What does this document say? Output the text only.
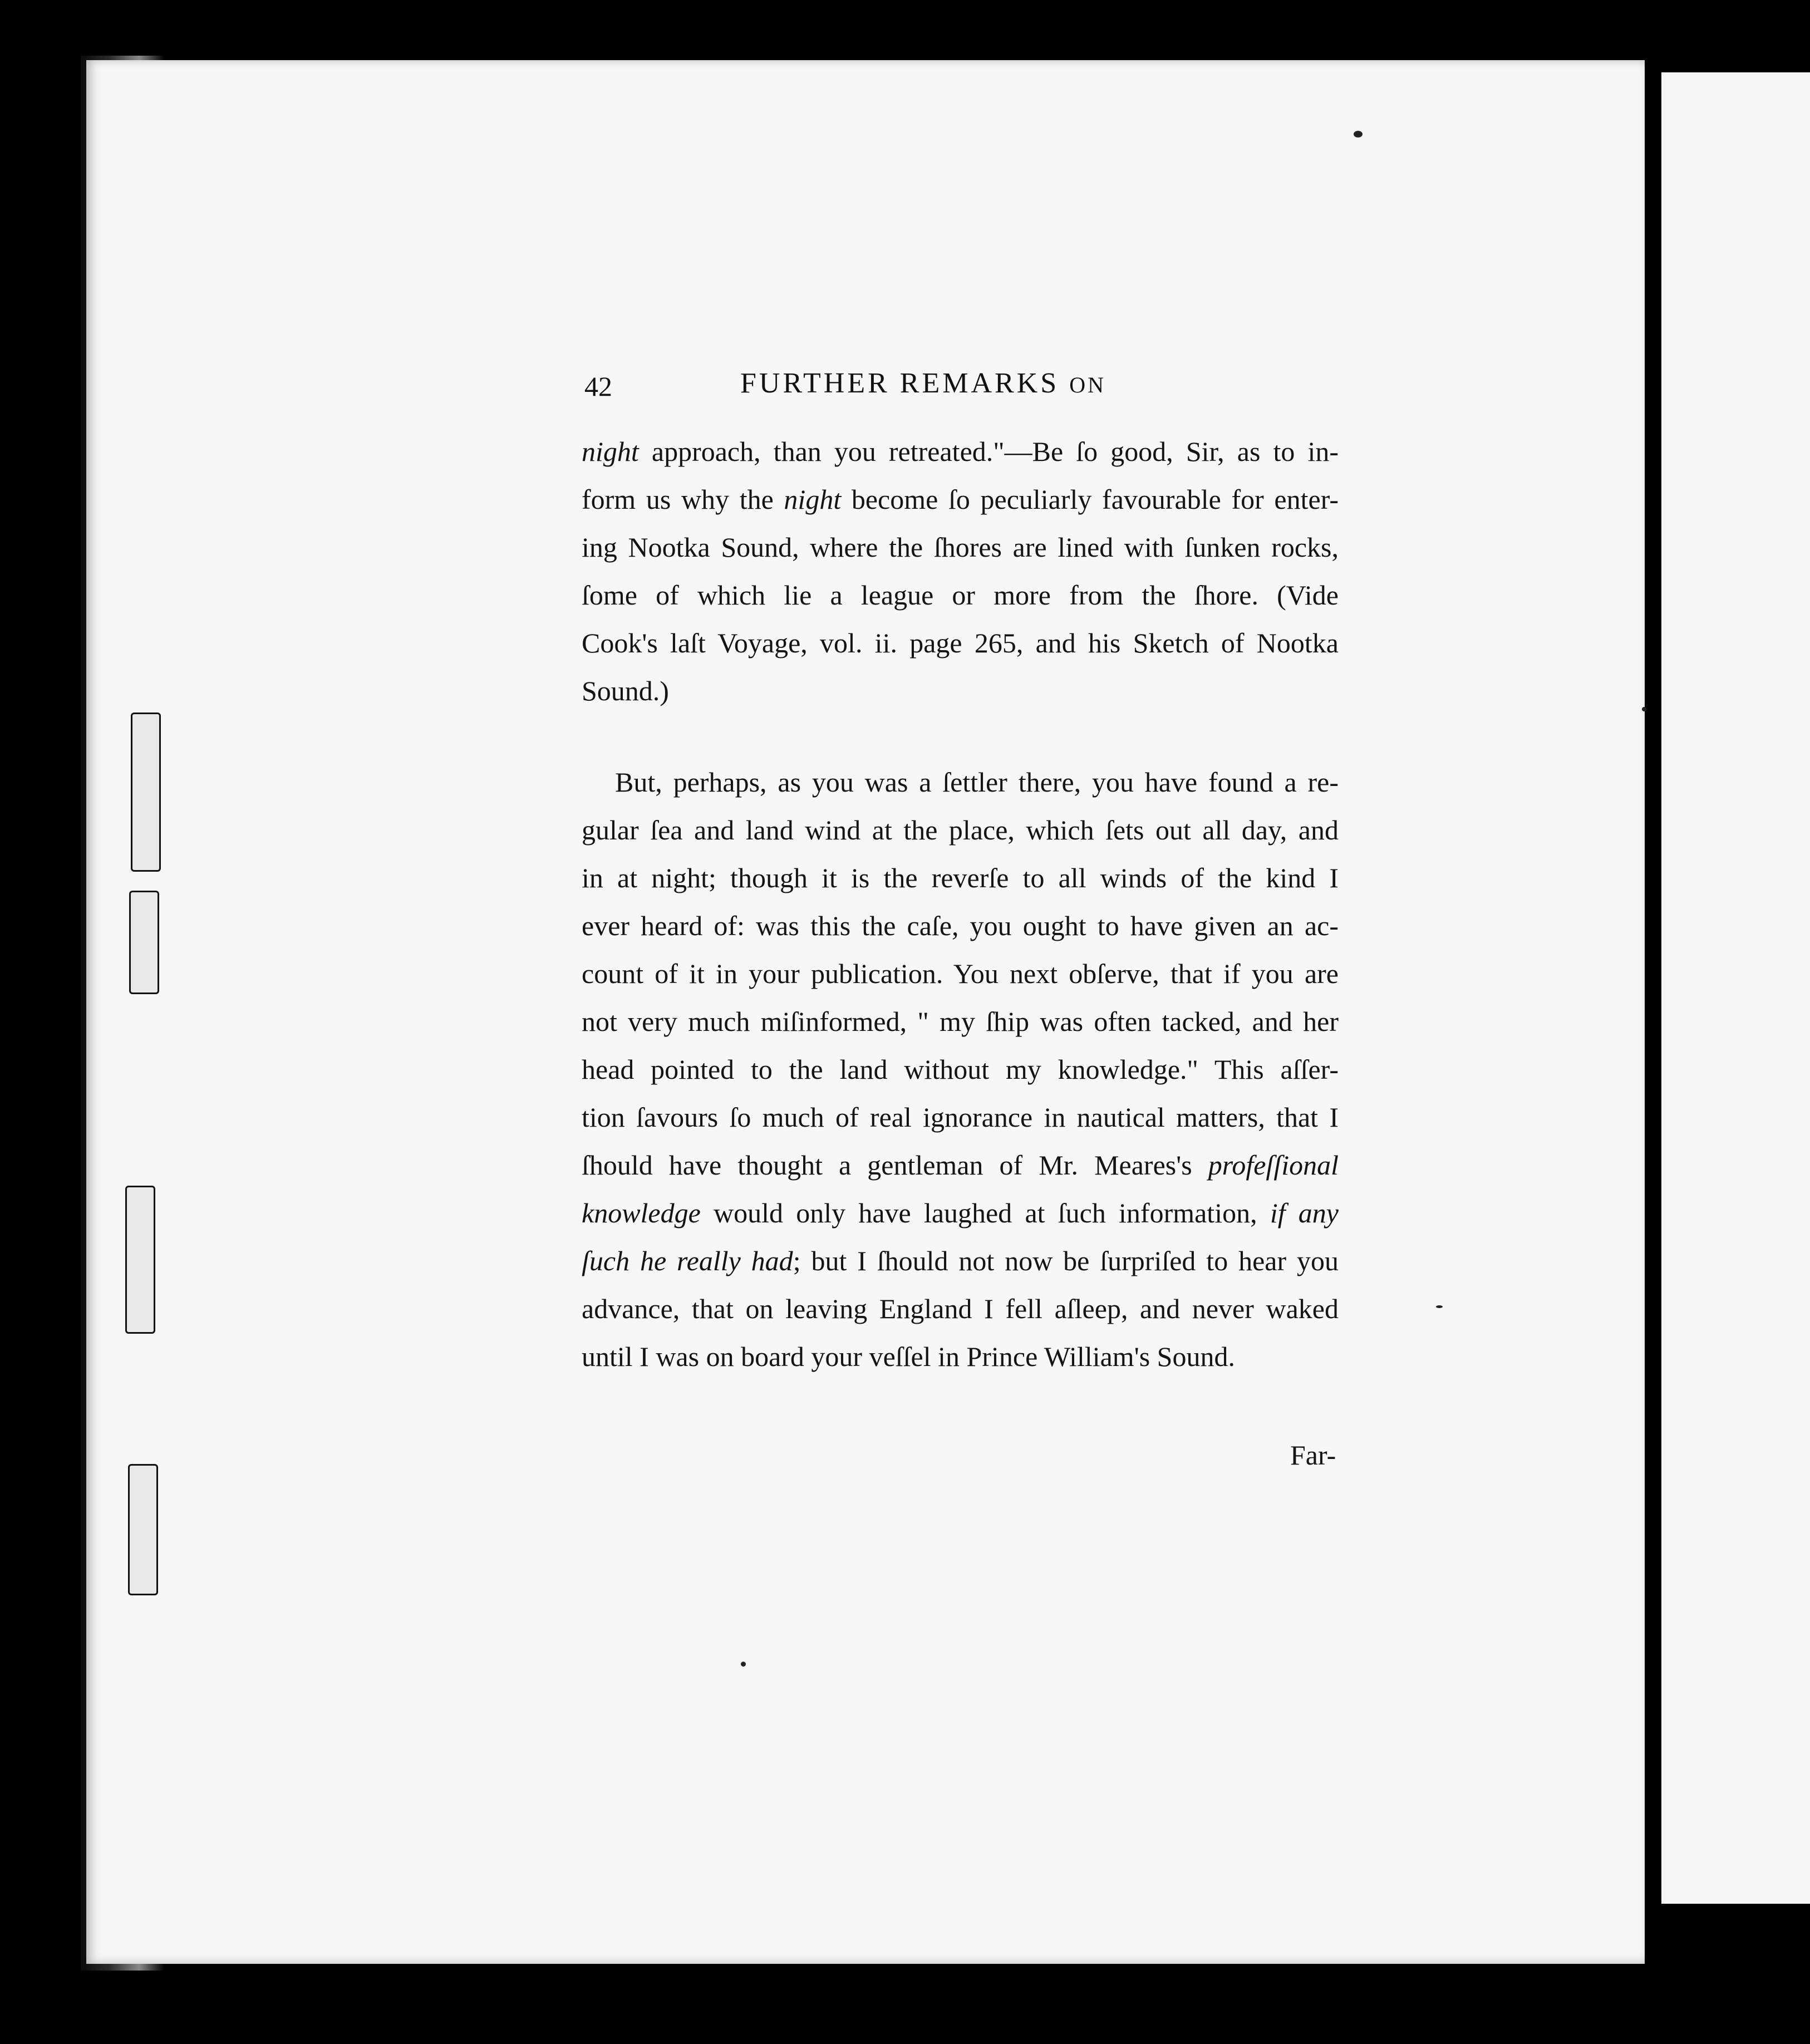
42	FURTHER REMARKS ON
night approach, than you retreated."—Be ſo good, Sir, as to in-
form us why the night become ſo peculiarly favourable for enter-
ing Nootka Sound, where the ſhores are lined with ſunken rocks,
ſome of which lie a league or more from the ſhore. (Vide
Cook's laſt Voyage, vol. ii. page 265, and his Sketch of Nootka
Sound.)
But, perhaps, as you was a ſettler there, you have found a re-
gular ſea and land wind at the place, which ſets out all day, and
in at night; though it is the reverſe to all winds of the kind I
ever heard of: was this the caſe, you ought to have given an ac-
count of it in your publication. You next obſerve, that if you are
not very much miſinformed, " my ſhip was often tacked, and her
head pointed to the land without my knowledge." This aſſer-
tion ſavours ſo much of real ignorance in nautical matters, that I
ſhould have thought a gentleman of Mr. Meares's profeſſional
knowledge would only have laughed at ſuch information, if any
ſuch he really had; but I ſhould not now be ſurpriſed to hear you
advance, that on leaving England I fell aſleep, and never waked
until I was on board your veſſel in Prince William's Sound.
Far-
